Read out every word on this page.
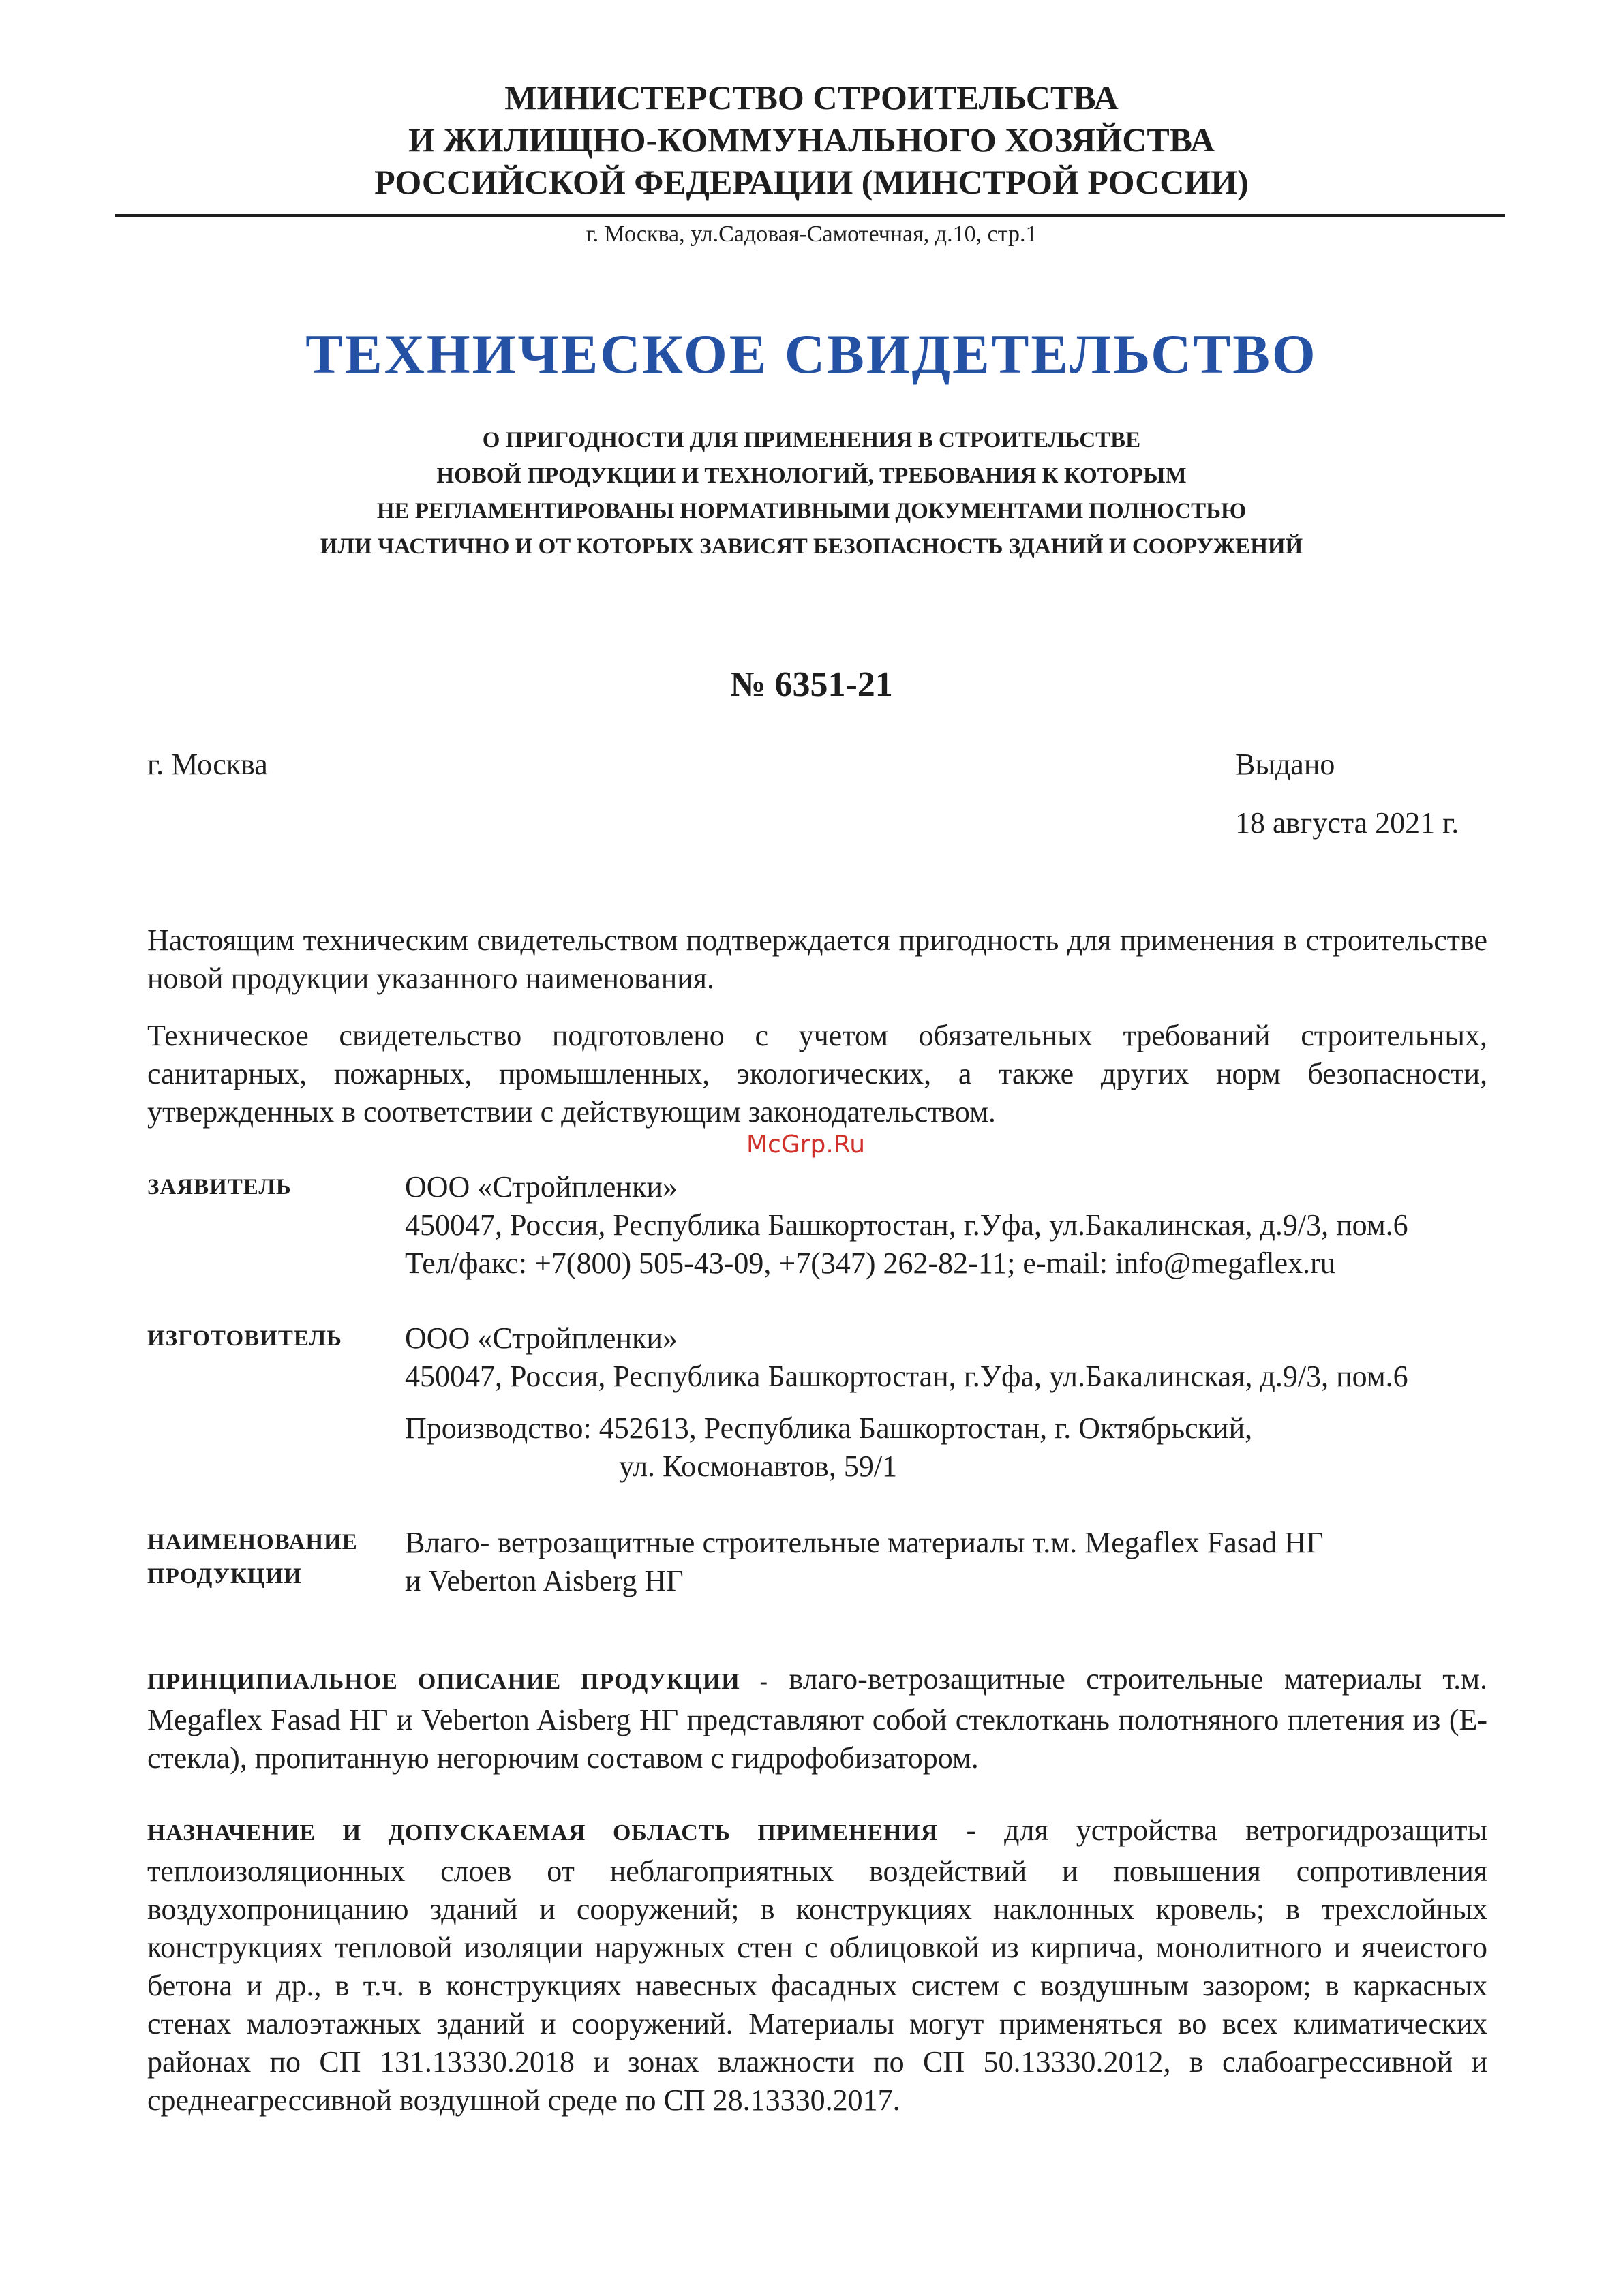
МИНИСТЕРСТВО СТРОИТЕЛЬСТВА
И ЖИЛИЩНО-КОММУНАЛЬНОГО ХОЗЯЙСТВА
РОССИЙСКОЙ ФЕДЕРАЦИИ (МИНСТРОЙ РОССИИ)
г. Москва, ул.Садовая-Самотечная, д.10, стр.1
ТЕХНИЧЕСКОЕ СВИДЕТЕЛЬСТВО
О ПРИГОДНОСТИ ДЛЯ ПРИМЕНЕНИЯ В СТРОИТЕЛЬСТВЕ
НОВОЙ ПРОДУКЦИИ И ТЕХНОЛОГИЙ, ТРЕБОВАНИЯ К КОТОРЫМ
НЕ РЕГЛАМЕНТИРОВАНЫ НОРМАТИВНЫМИ ДОКУМЕНТАМИ ПОЛНОСТЬЮ
ИЛИ ЧАСТИЧНО И ОТ КОТОРЫХ ЗАВИСЯТ БЕЗОПАСНОСТЬ ЗДАНИЙ И СООРУЖЕНИЙ
№ 6351-21
г. Москва	Выдано
18 августа 2021 г.
Настоящим техническим свидетельством подтверждается пригодность для применения в строительстве новой продукции указанного наименования.
Техническое свидетельство подготовлено с учетом обязательных требований строительных, санитарных, пожарных, промышленных, экологических, а также других норм безопасности, утвержденных в соответствии с действующим законодательством.
McGrp.Ru
ЗАЯВИТЕЛЬ	ООО «Стройпленки»
450047, Россия, Республика Башкортостан, г.Уфа, ул.Бакалинская, д.9/3, пом.6
Тел/факс: +7(800) 505-43-09, +7(347) 262-82-11; e-mail: info@megaflex.ru
ИЗГОТОВИТЕЛЬ ООО «Стройпленки»
450047, Россия, Республика Башкортостан, г.Уфа, ул.Бакалинская, д.9/3, пом.6
Производство: 452613, Республика Башкортостан, г. Октябрьский,
ул. Космонавтов, 59/1
НАИМЕНОВАНИЕ
ПРОДУКЦИИ
Влаго- ветрозащитные строительные материалы т.м. Megaflex Fasad НГ
и Veberton Aisberg НГ
ПРИНЦИПИАЛЬНОЕ ОПИСАНИЕ ПРОДУКЦИИ - влаго-ветрозащитные строительные материалы т.м. Megaflex Fasad НГ и Veberton Aisberg НГ представляют собой стеклоткань полотняного плетения из (Е-стекла), пропитанную негорючим составом с гидрофобизатором.
НАЗНАЧЕНИЕ И ДОПУСКАЕМАЯ ОБЛАСТЬ ПРИМЕНЕНИЯ - для устройства ветрогидрозащиты теплоизоляционных слоев от неблагоприятных воздействий и повышения сопротивления воздухопроницанию зданий и сооружений; в конструкциях наклонных кровель; в трехслойных конструкциях тепловой изоляции наружных стен с облицовкой из кирпича, монолитного и ячеистого бетона и др., в т.ч. в конструкциях навесных фасадных систем с воздушным зазором; в каркасных стенах малоэтажных зданий и сооружений. Материалы могут применяться во всех климатических районах по СП 131.13330.2018 и зонах влажности по СП 50.13330.2012, в слабоагрессивной и среднеагрессивной воздушной среде по СП 28.13330.2017.
